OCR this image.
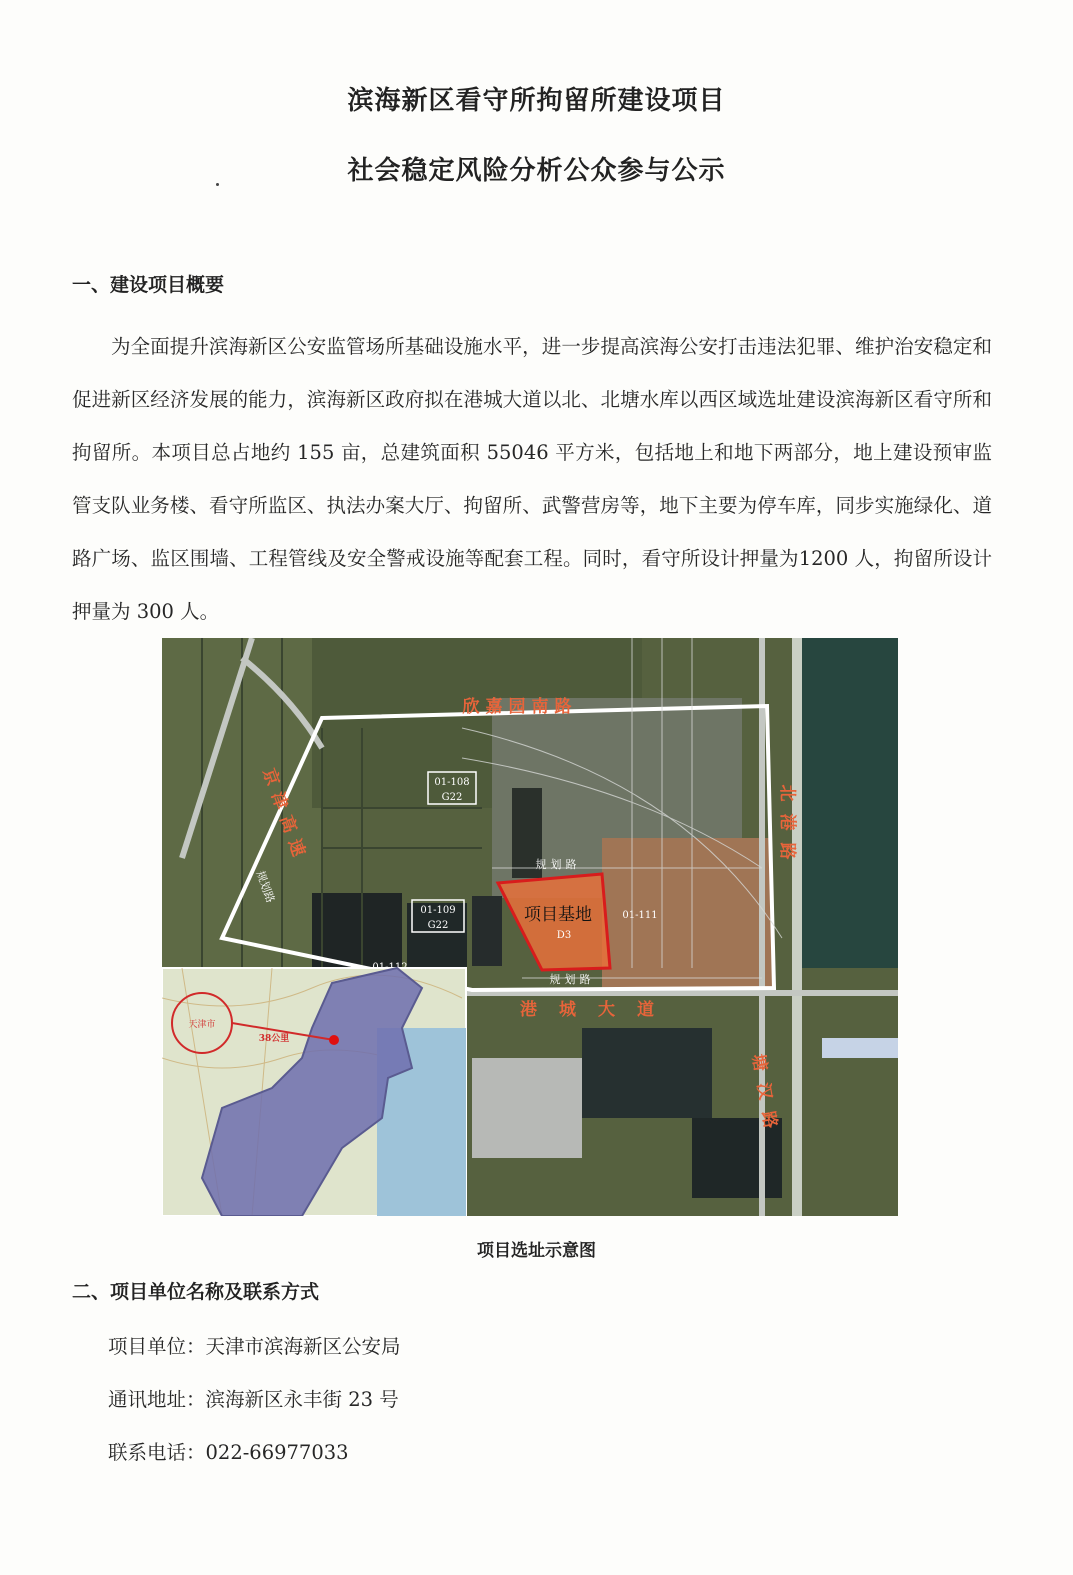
滨海新区看守所拘留所建设项目
社会稳定风险分析公众参与公示
一、建设项目概要
为全面提升滨海新区公安监管场所基础设施水平，进一步提高滨海公安打击违法犯罪、维护治安稳定和促进新区经济发展的能力，滨海新区政府拟在港城大道以北、北塘水库以西区域选址建设滨海新区看守所和拘留所。本项目总占地约 155 亩，总建筑面积 55046 平方米，包括地上和地下两部分，地上建设预审监管支队业务楼、看守所监区、执法办案大厅、拘留所、武警营房等，地下主要为停车库，同步实施绿化、道路广场、监区围墙、工程管线及安全警戒设施等配套工程。同时，看守所设计押量为1200 人，拘留所设计押量为 300 人。
01-108
G22
01-109
G22
01-111
项目基地
D3
欣嘉园南路
港城大道
规划路
规划路
规划路
京津高速	北港路
塘汉路
天津市
38公里
项目选址示意图
二、项目单位名称及联系方式
项目单位：天津市滨海新区公安局
通讯地址：滨海新区永丰街 23 号
联系电话：022-66977033
